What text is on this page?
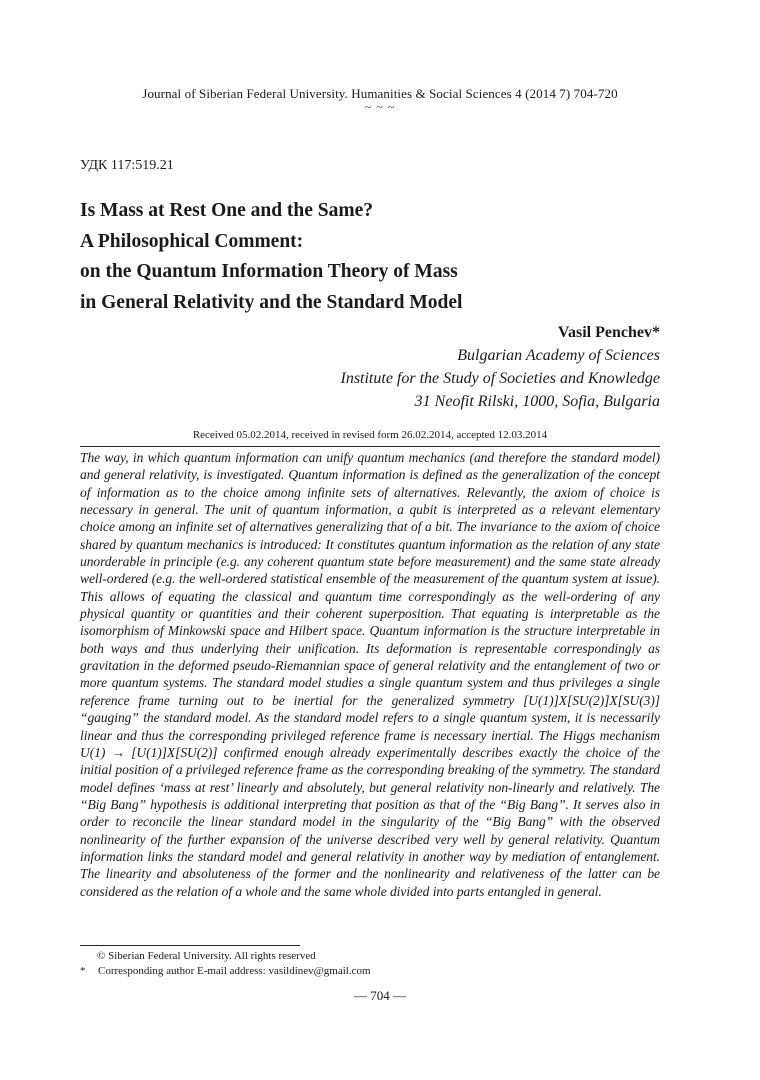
Journal of Siberian Federal University. Humanities & Social Sciences 4 (2014 7) 704-720
~ ~ ~
УДК 117:519.21
Is Mass at Rest One and the Same?
A Philosophical Comment:
on the Quantum Information Theory of Mass
in General Relativity and the Standard Model
Vasil Penchev*
Bulgarian Academy of Sciences
Institute for the Study of Societies and Knowledge
31 Neofit Rilski, 1000, Sofia, Bulgaria
Received 05.02.2014, received in revised form 26.02.2014, accepted 12.03.2014
The way, in which quantum information can unify quantum mechanics (and therefore the standard model) and general relativity, is investigated. Quantum information is defined as the generalization of the concept of information as to the choice among infinite sets of alternatives. Relevantly, the axiom of choice is necessary in general. The unit of quantum information, a qubit is interpreted as a relevant elementary choice among an infinite set of alternatives generalizing that of a bit. The invariance to the axiom of choice shared by quantum mechanics is introduced: It constitutes quantum information as the relation of any state unorderable in principle (e.g. any coherent quantum state before measurement) and the same state already well-ordered (e.g. the well-ordered statistical ensemble of the measurement of the quantum system at issue). This allows of equating the classical and quantum time correspondingly as the well-ordering of any physical quantity or quantities and their coherent superposition. That equating is interpretable as the isomorphism of Minkowski space and Hilbert space. Quantum information is the structure interpretable in both ways and thus underlying their unification. Its deformation is representable correspondingly as gravitation in the deformed pseudo-Riemannian space of general relativity and the entanglement of two or more quantum systems. The standard model studies a single quantum system and thus privileges a single reference frame turning out to be inertial for the generalized symmetry [U(1)]X[SU(2)]X[SU(3)] “gauging” the standard model. As the standard model refers to a single quantum system, it is necessarily linear and thus the corresponding privileged reference frame is necessary inertial. The Higgs mechanism U(1) → [U(1)]X[SU(2)] confirmed enough already experimentally describes exactly the choice of the initial position of a privileged reference frame as the corresponding breaking of the symmetry. The standard model defines ‘mass at rest’ linearly and absolutely, but general relativity non-linearly and relatively. The “Big Bang” hypothesis is additional interpreting that position as that of the “Big Bang”. It serves also in order to reconcile the linear standard model in the singularity of the “Big Bang” with the observed nonlinearity of the further expansion of the universe described very well by general relativity. Quantum information links the standard model and general relativity in another way by mediation of entanglement. The linearity and absoluteness of the former and the nonlinearity and relativeness of the latter can be considered as the relation of a whole and the same whole divided into parts entangled in general.
© Siberian Federal University. All rights reserved
* Corresponding author E-mail address: vasildinev@gmail.com
— 704 —
